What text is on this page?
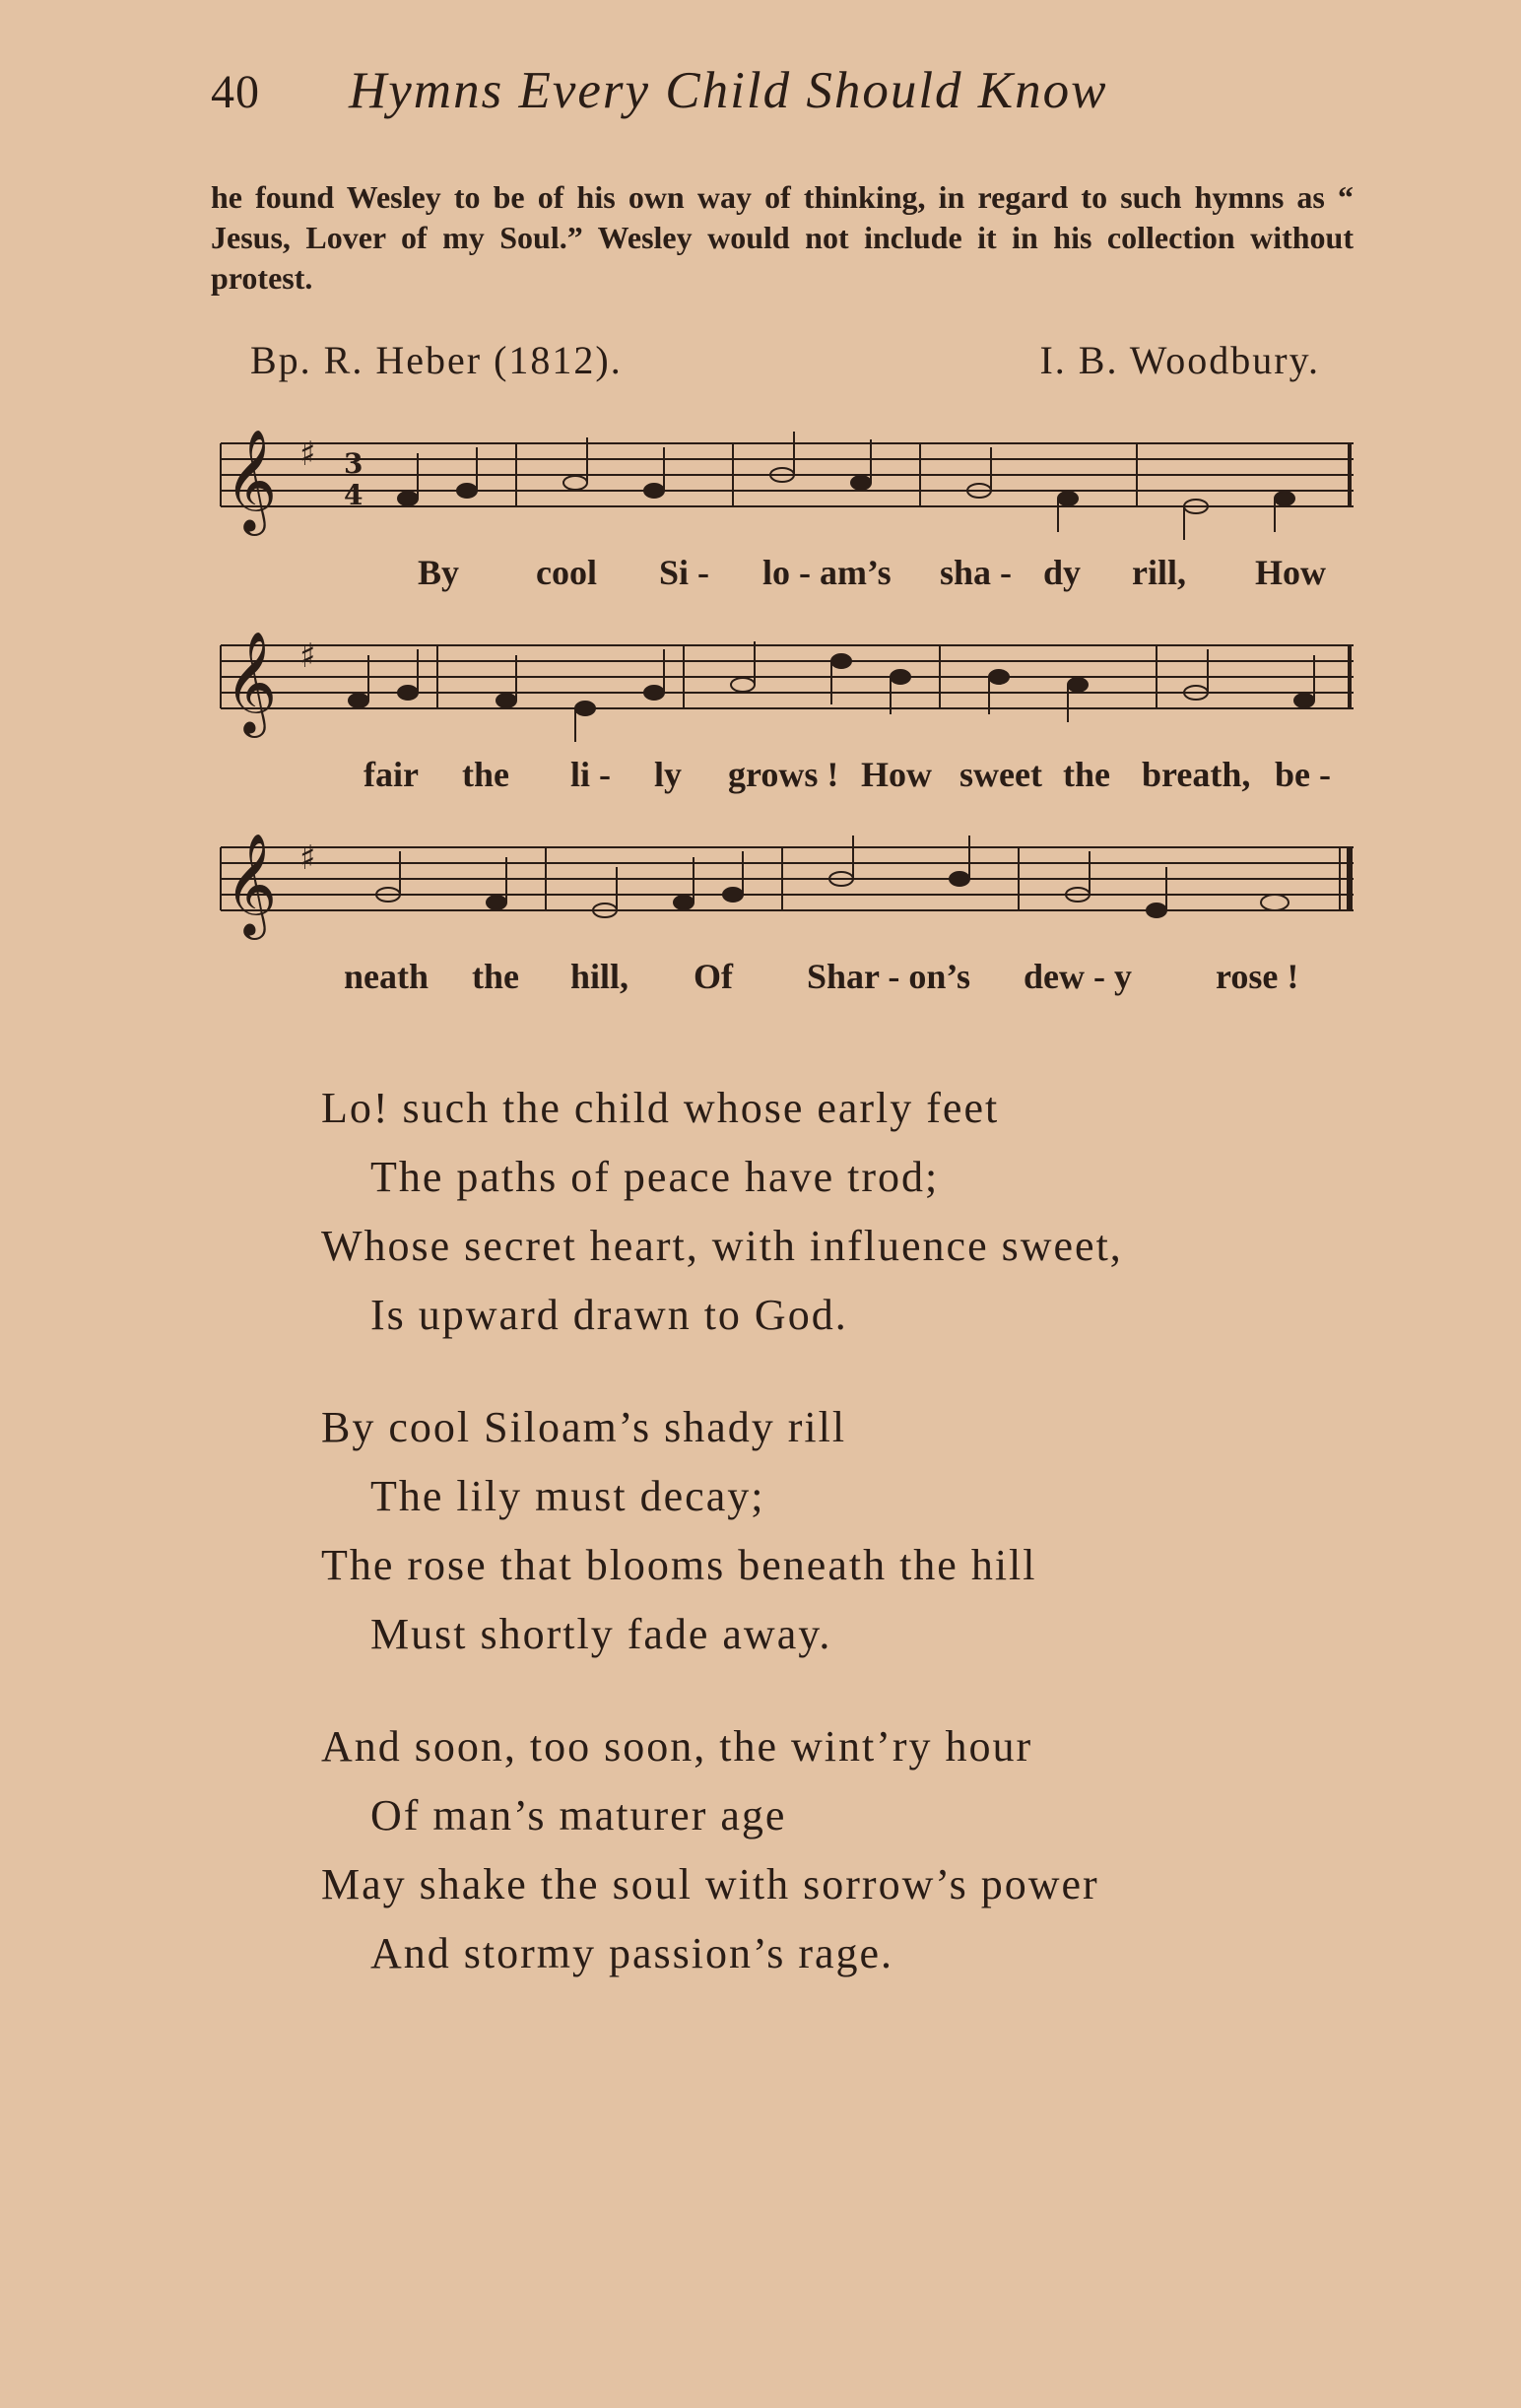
40 Hymns Every Child Should Know

he found Wesley to be of his own way of thinking, in regard to such hymns as “ Jesus, Lover of my Soul.” Wesley would not include it in his collection without protest.

Bp. R. Heber (1812).	I. B. Woodbury.
𝄞 ♯ 3
4
By cool Si - lo - am’s sha - dy rill, How
𝄞 ♯
fair the li - ly grows ! How sweet the breath, be -
𝄞 ♯
neath the hill, Of Shar - on’s dew - y rose !
Lo! such the child whose early feet
The paths of peace have trod;
Whose secret heart, with influence sweet,
Is upward drawn to God.
By cool Siloam’s shady rill
The lily must decay;
The rose that blooms beneath the hill
Must shortly fade away.
And soon, too soon, the wint’ry hour
Of man’s maturer age
May shake the soul with sorrow’s power
And stormy passion’s rage.
